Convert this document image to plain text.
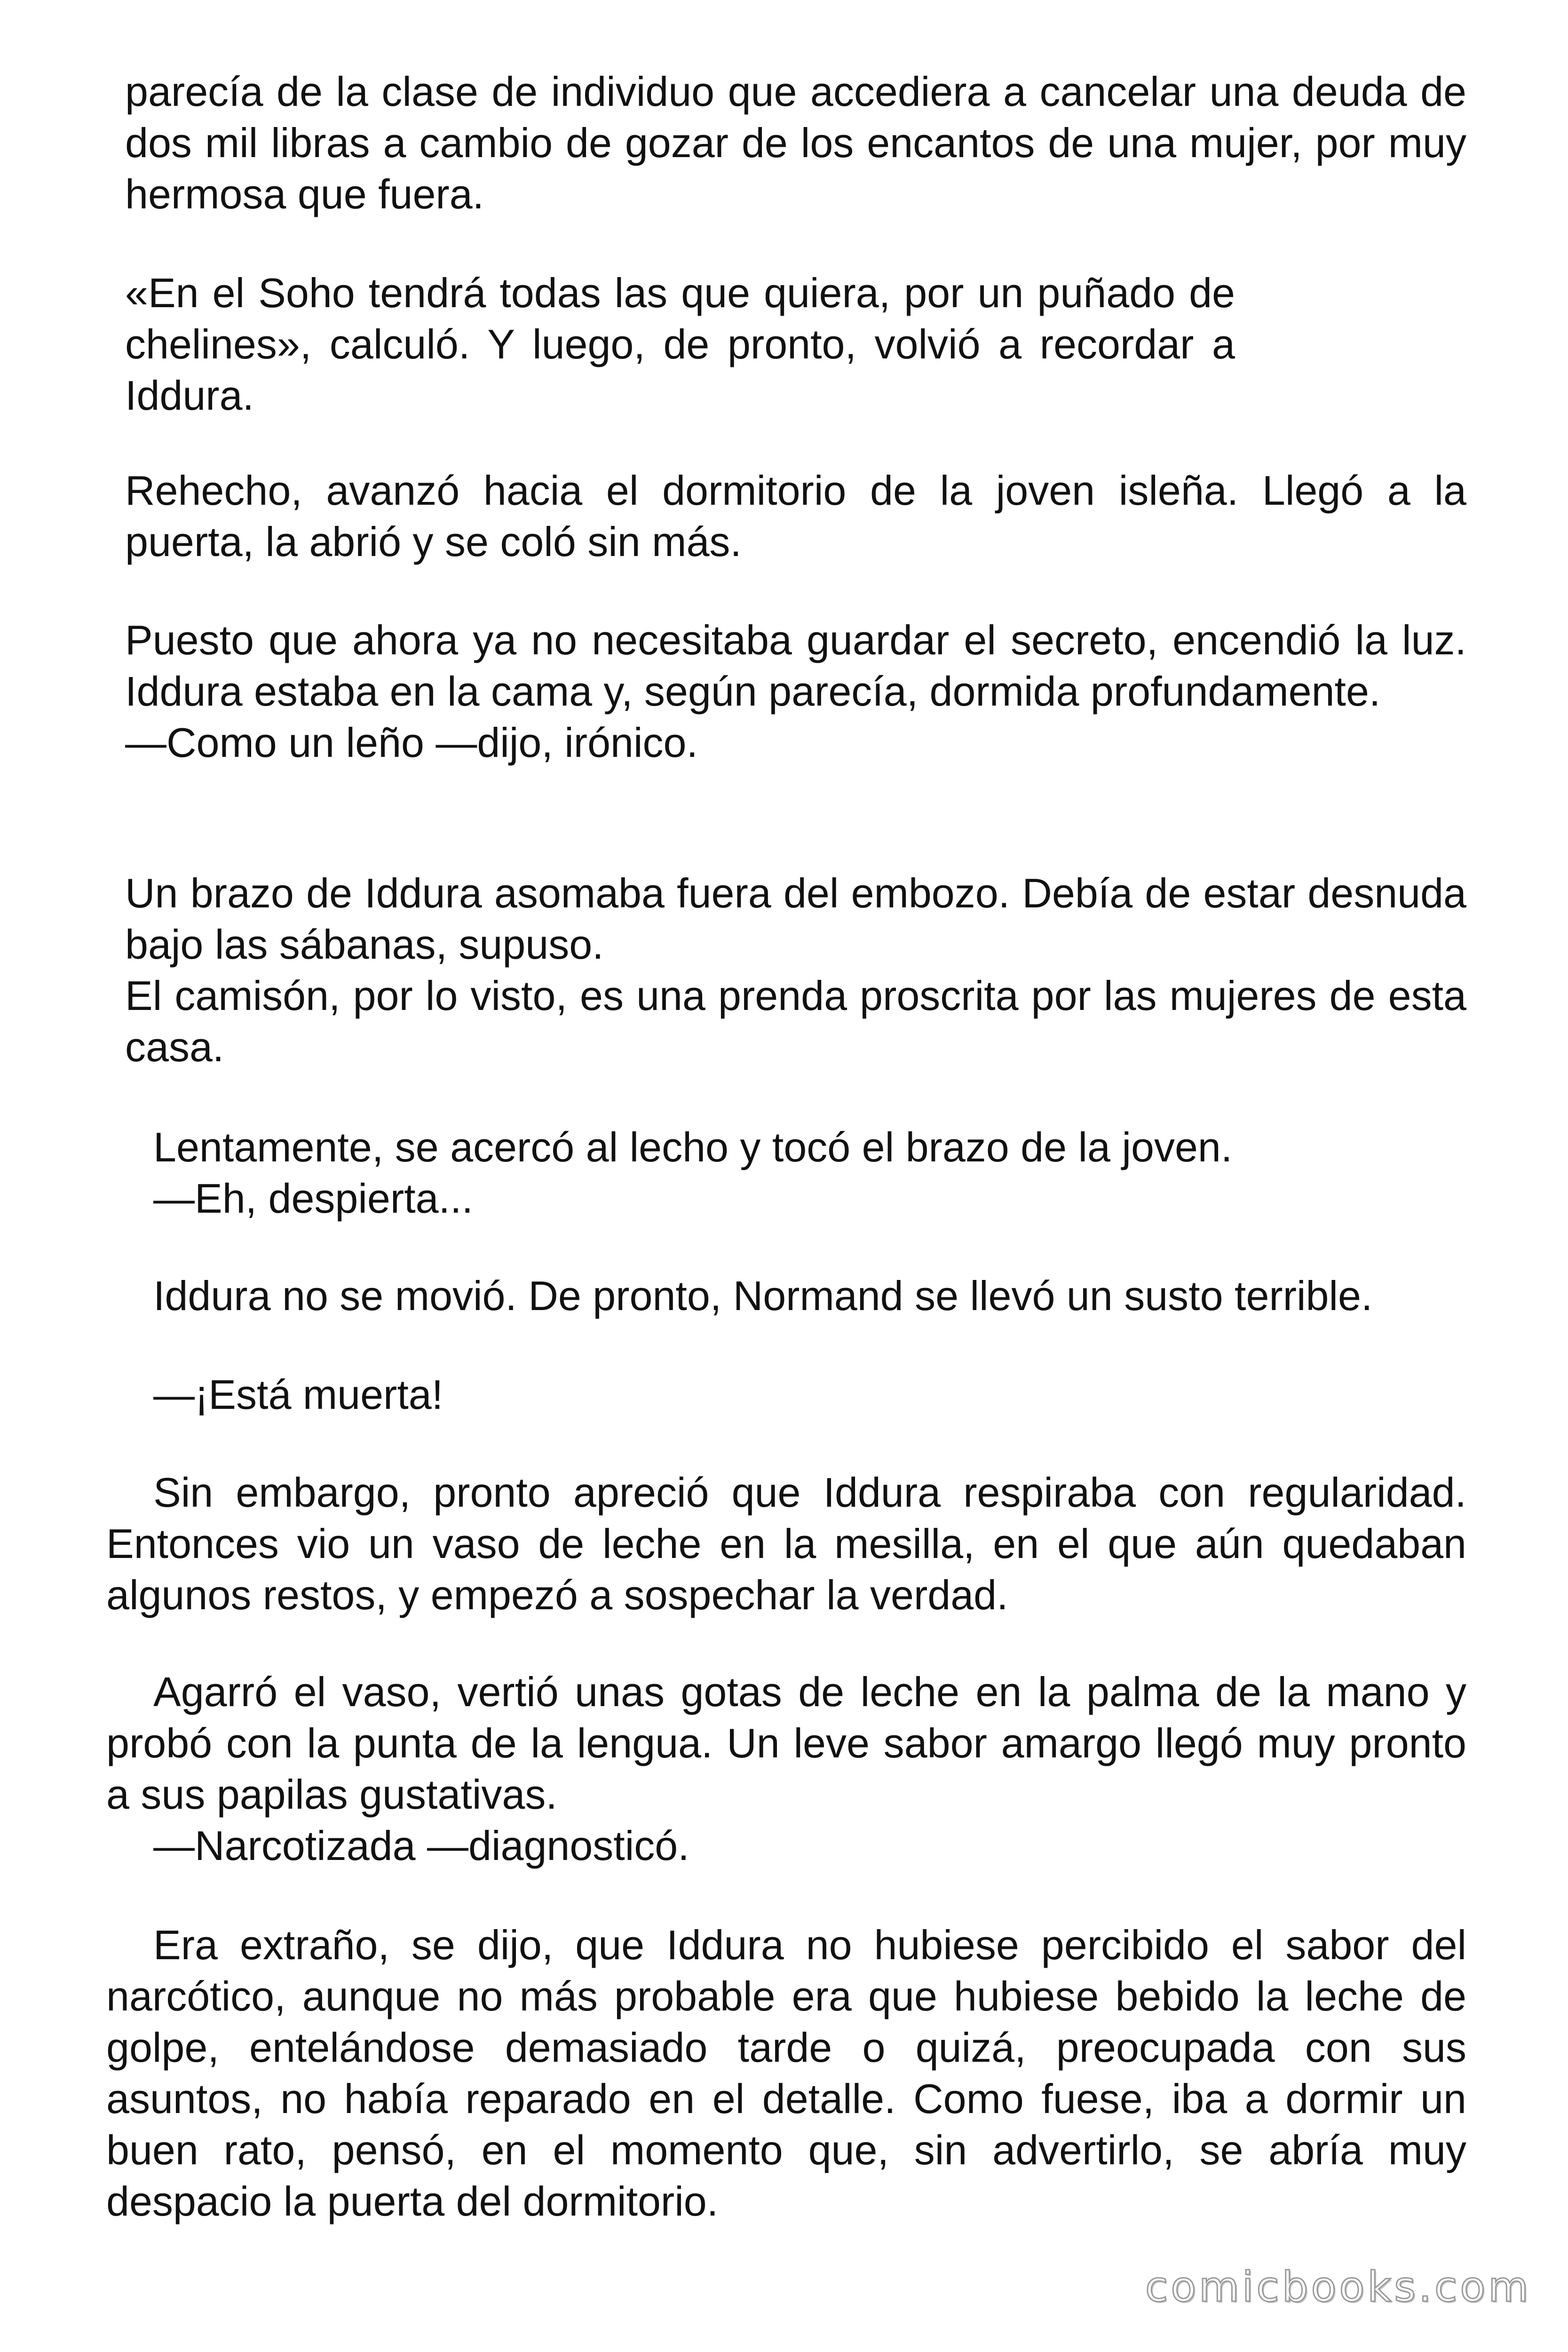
parecía de la clase de individuo que accediera a cancelar una deuda de dos mil libras a cambio de gozar de los encantos de una mujer, por muy hermosa que fuera.

«En el Soho tendrá todas las que quiera, por un puñado de chelines», calculó. Y luego, de pronto, volvió a recordar a Iddura.

Rehecho, avanzó hacia el dormitorio de la joven isleña. Llegó a la puerta, la abrió y se coló sin más.

Puesto que ahora ya no necesitaba guardar el secreto, encendió la luz. Iddura estaba en la cama y, según parecía, dormida profundamente.
—Como un leño —dijo, irónico.

Un brazo de Iddura asomaba fuera del embozo. Debía de estar desnuda bajo las sábanas, supuso.
El camisón, por lo visto, es una prenda proscrita por las mujeres de esta casa.

Lentamente, se acercó al lecho y tocó el brazo de la joven.
—Eh, despierta...

Iddura no se movió. De pronto, Normand se llevó un susto terrible.

—¡Está muerta!

Sin embargo, pronto apreció que Iddura respiraba con regularidad. Entonces vio un vaso de leche en la mesilla, en el que aún quedaban algunos restos, y empezó a sospechar la verdad.

Agarró el vaso, vertió unas gotas de leche en la palma de la mano y probó con la punta de la lengua. Un leve sabor amargo llegó muy pronto a sus papilas gustativas.
—Narcotizada —diagnosticó.

Era extraño, se dijo, que Iddura no hubiese percibido el sabor del narcótico, aunque no más probable era que hubiese bebido la leche de golpe, entelándose demasiado tarde o quizá, preocupada con sus asuntos, no había reparado en el detalle. Como fuese, iba a dormir un buen rato, pensó, en el momento que, sin advertirlo, se abría muy despacio la puerta del dormitorio.

comicbooks.com
